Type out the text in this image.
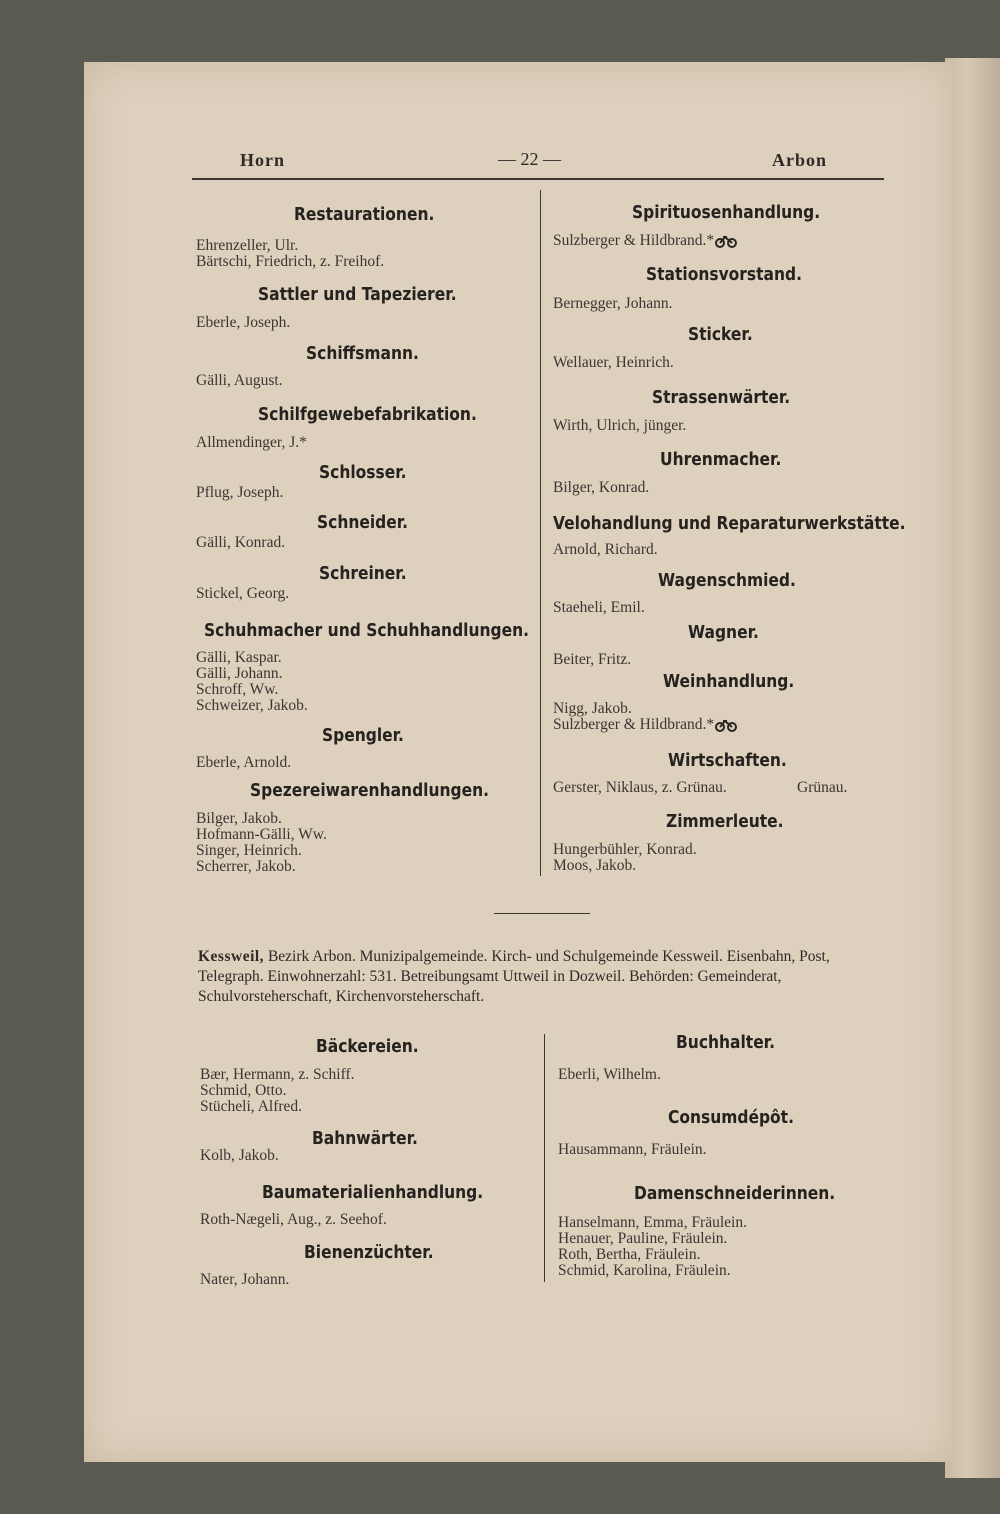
Horn	— 22 —	Arbon
Restaurationen.
Ehrenzeller, Ulr.
Bärtschi, Friedrich, z. Freihof.
Sattler und Tapezierer.
Eberle, Joseph.
Schiffsmann.
Gälli, August.
Schilfgewebefabrikation.
Allmendinger, J.*
Schlosser.
Pflug, Joseph.
Schneider.
Gälli, Konrad.
Schreiner.
Stickel, Georg.
Schuhmacher und Schuhhandlungen.
Gälli, Kaspar.
Gälli, Johann.
Schroff, Ww.
Schweizer, Jakob.
Spengler.
Eberle, Arnold.
Spezereiwarenhandlungen.
Bilger, Jakob.
Hofmann-Gälli, Ww.
Singer, Heinrich.
Scherrer, Jakob.
Spirituosenhandlung.
Sulzberger & Hildbrand.*
Stationsvorstand.
Bernegger, Johann.
Sticker.
Wellauer, Heinrich.
Strassenwärter.
Wirth, Ulrich, jünger.
Uhrenmacher.
Bilger, Konrad.
Velohandlung und Reparaturwerkstätte.
Arnold, Richard.
Wagenschmied.
Staeheli, Emil.
Wagner.
Beiter, Fritz.
Weinhandlung.
Nigg, Jakob.
Sulzberger & Hildbrand.*
Wirtschaften.
Gerster, Niklaus, z. Grünau.	Grünau.
Zimmerleute.
Hungerbühler, Konrad.
Moos, Jakob.
Kessweil, Bezirk Arbon. Munizipalgemeinde. Kirch- und Schulgemeinde Kessweil. Eisenbahn, Post, Telegraph. Einwohnerzahl: 531. Betreibungsamt Uttweil in Dozweil. Behörden: Gemeinderat, Schulvorsteherschaft, Kirchenvorsteherschaft.
Bäckereien.
Bær, Hermann, z. Schiff.
Schmid, Otto.
Stücheli, Alfred.
Bahnwärter.
Kolb, Jakob.
Baumaterialienhandlung.
Roth-Nægeli, Aug., z. Seehof.
Bienenzüchter.
Nater, Johann.
Buchhalter.
Eberli, Wilhelm.
Consumdépôt.
Hausammann, Fräulein.
Damenschneiderinnen.
Hanselmann, Emma, Fräulein.
Henauer, Pauline, Fräulein.
Roth, Bertha, Fräulein.
Schmid, Karolina, Fräulein.
